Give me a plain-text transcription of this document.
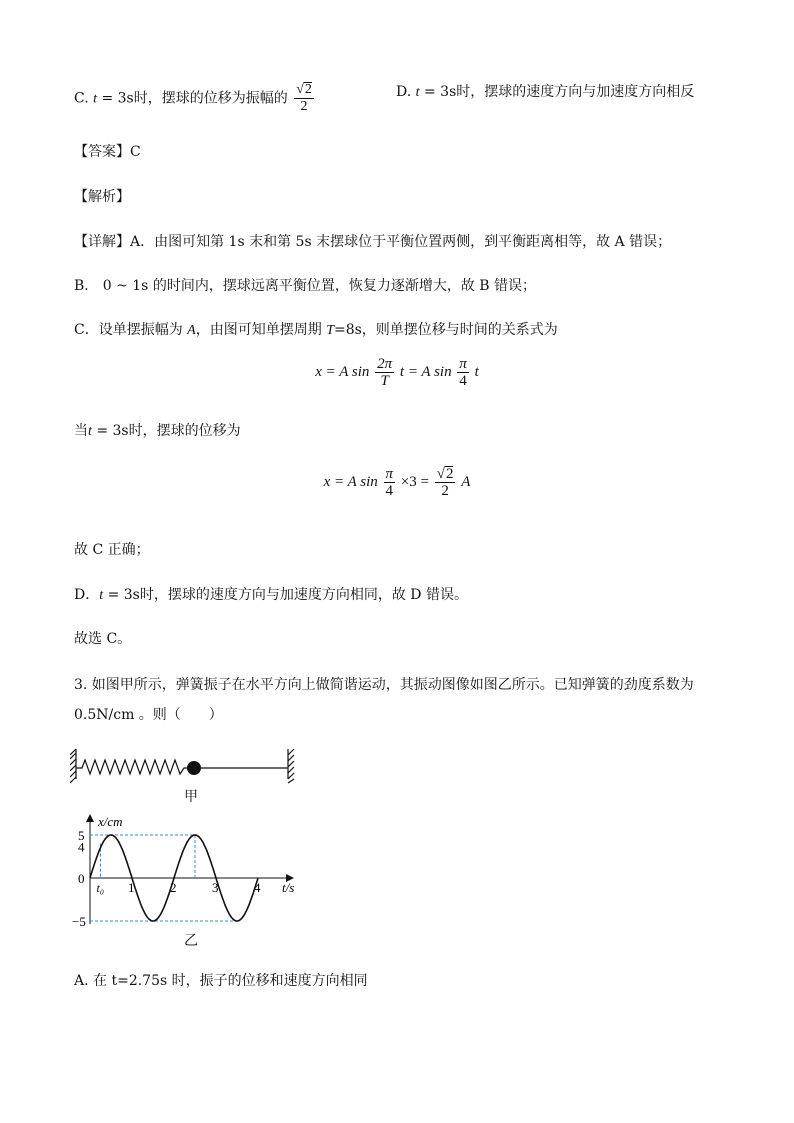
C. t = 3s时，摆球的位移为振幅的 $\frac{√2}{2}$	D. t = 3s时，摆球的速度方向与加速度方向相反
【答案】C
【解析】
【详解】A．由图可知第 1s 末和第 5s 末摆球位于平衡位置两侧，到平衡距离相等，故 A 错误；
B． 0 ~ 1s 的时间内，摆球远离平衡位置，恢复力逐渐增大，故 B 错误；
C．设单摆振幅为 A，由图可知单摆周期 T=8s，则单摆位移与时间的关系式为
x = A $\sin \frac{2\pi}{T}$ t = A $\sin \frac{\pi}{4}$ t
当t = 3s时，摆球的位移为
x = A $\sin \frac{\pi}{4} \times 3 = \frac{√2}{2}$ A
故 C 正确；
D．t = 3s时，摆球的速度方向与加速度方向相同，故 D 错误。
故选 C。
3. 如图甲所示，弹簧振子在水平方向上做简谐运动，其振动图像如图乙所示。已知弹簧的劲度系数为
0.5N/cm 。则（　　）
甲
x/cm
t/s
t₀ 1	2	3	4
5
4
0
−5
乙
A. 在 t=2.75s 时，振子的位移和速度方向相同
